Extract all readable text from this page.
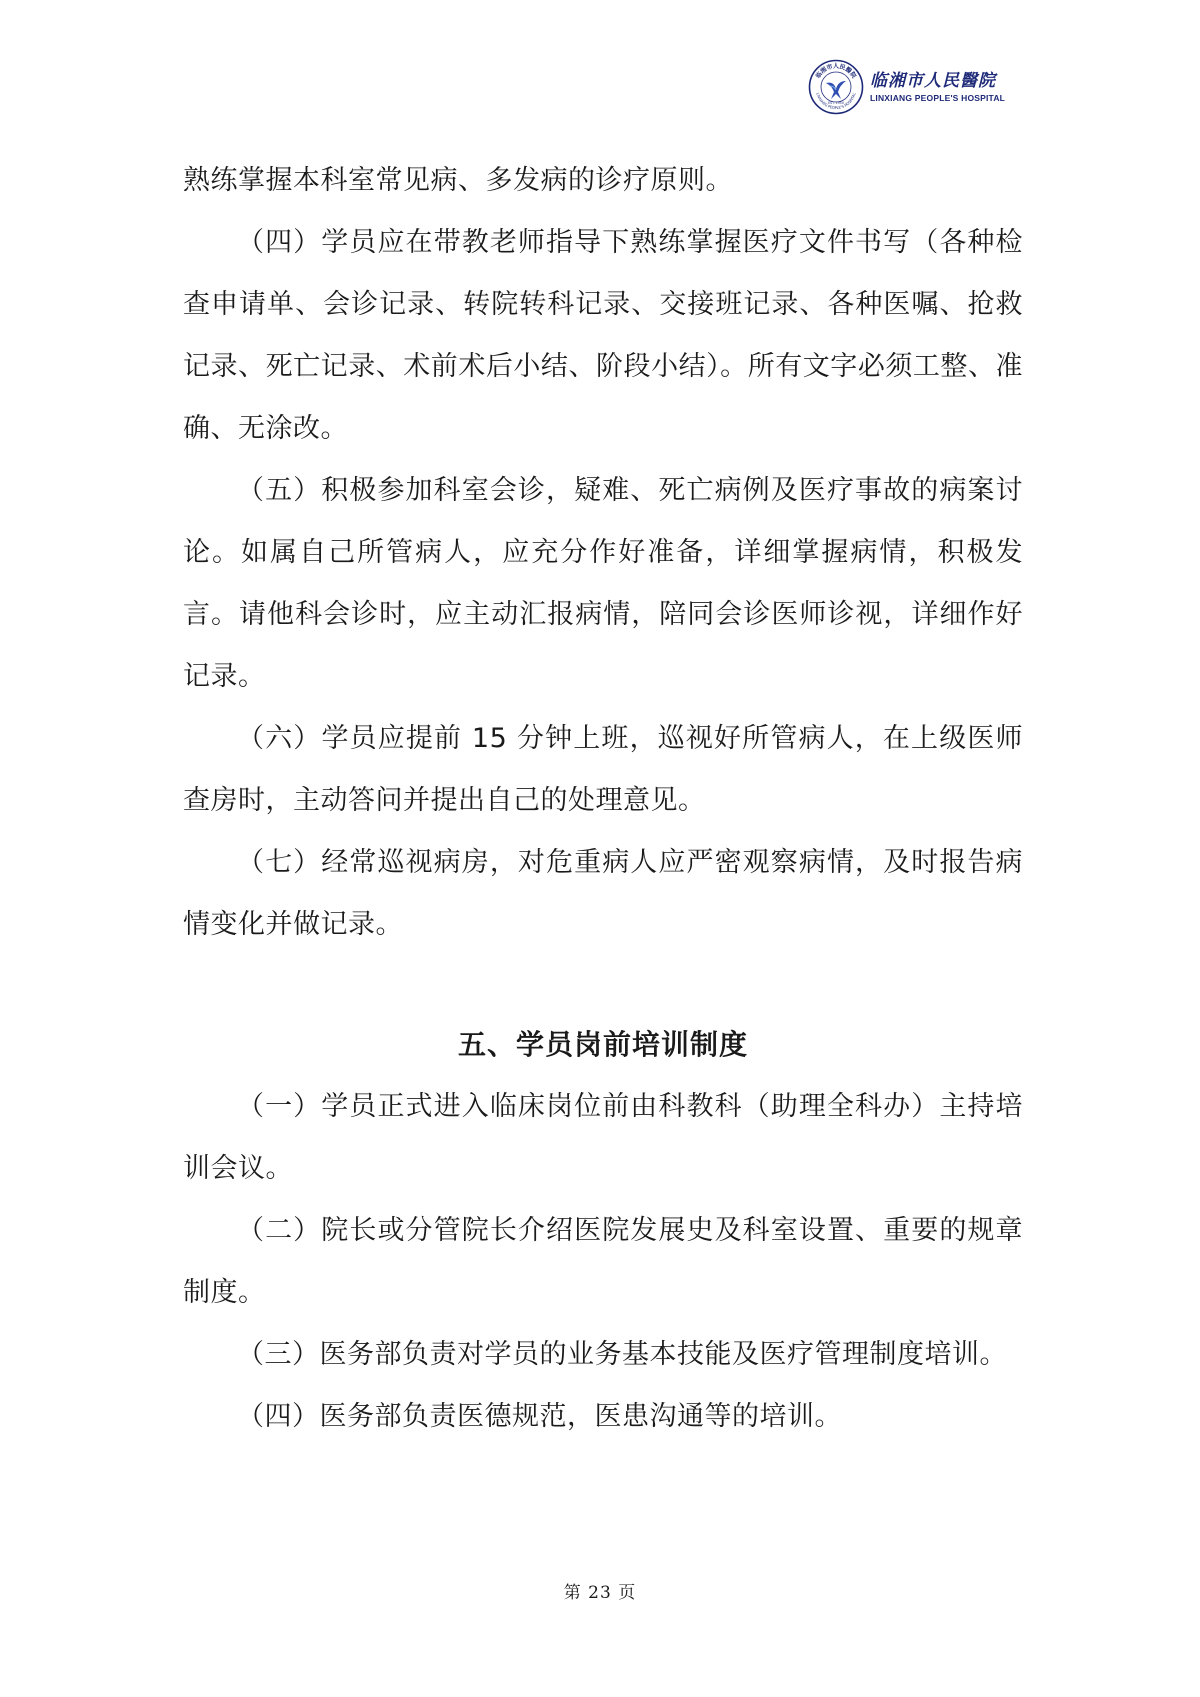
临湘市人民醫院
LINXIANG PEOPLE'S HOSPITAL
EST. 1950
临湘市人民醫院
LINXIANG PEOPLE'S HOSPITAL

熟练掌握本科室常见病、多发病的诊疗原则。

（四）学员应在带教老师指导下熟练掌握医疗文件书写（各种检查申请单、会诊记录、转院转科记录、交接班记录、各种医嘱、抢救记录、死亡记录、术前术后小结、阶段小结）。所有文字必须工整、准确、无涂改。

（五）积极参加科室会诊，疑难、死亡病例及医疗事故的病案讨论。如属自己所管病人，应充分作好准备，详细掌握病情，积极发言。请他科会诊时，应主动汇报病情，陪同会诊医师诊视，详细作好记录。

（六）学员应提前 15 分钟上班，巡视好所管病人，在上级医师查房时，主动答问并提出自己的处理意见。

（七）经常巡视病房，对危重病人应严密观察病情，及时报告病情变化并做记录。

五、学员岗前培训制度

（一）学员正式进入临床岗位前由科教科（助理全科办）主持培训会议。

（二）院长或分管院长介绍医院发展史及科室设置、重要的规章制度。

（三）医务部负责对学员的业务基本技能及医疗管理制度培训。

（四）医务部负责医德规范，医患沟通等的培训。

第 23 页
